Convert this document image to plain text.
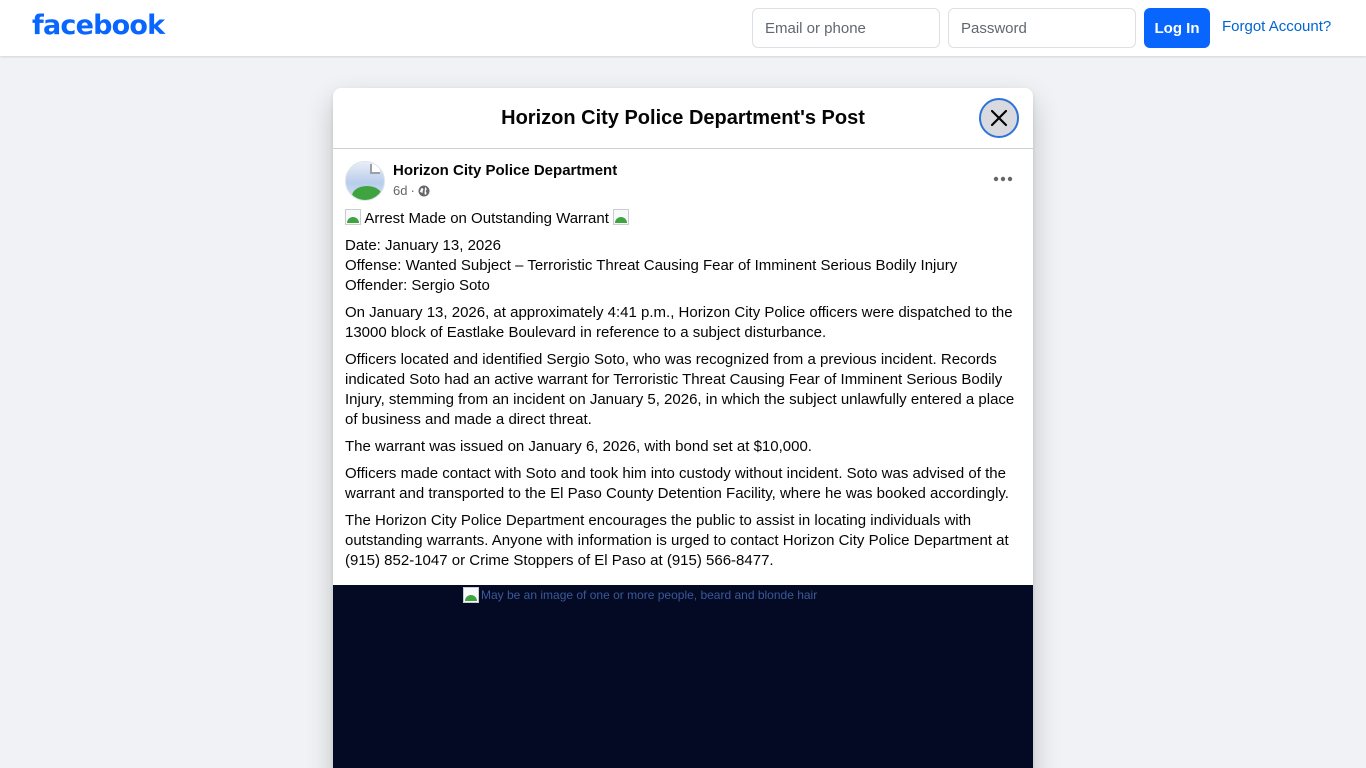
facebook
Email or phone	Log In	Forgot Account?
Horizon City Police Department's Post
Horizon City Police Department
6d ·

Arrest Made on Outstanding Warrant

Date: January 13, 2026
Offense: Wanted Subject – Terroristic Threat Causing Fear of Imminent Serious Bodily Injury
Offender: Sergio Soto

On January 13, 2026, at approximately 4:41 p.m., Horizon City Police officers were dispatched to the 13000 block of Eastlake Boulevard in reference to a subject disturbance.

Officers located and identified Sergio Soto, who was recognized from a previous incident. Records indicated Soto had an active warrant for Terroristic Threat Causing Fear of Imminent Serious Bodily Injury, stemming from an incident on January 5, 2026, in which the subject unlawfully entered a place of business and made a direct threat.

The warrant was issued on January 6, 2026, with bond set at $10,000.

Officers made contact with Soto and took him into custody without incident. Soto was advised of the warrant and transported to the El Paso County Detention Facility, where he was booked accordingly.

The Horizon City Police Department encourages the public to assist in locating individuals with outstanding warrants. Anyone with information is urged to contact Horizon City Police Department at (915) 852-1047 or Crime Stoppers of El Paso at (915) 566-8477.

May be an image of one or more people, beard and blonde hair
